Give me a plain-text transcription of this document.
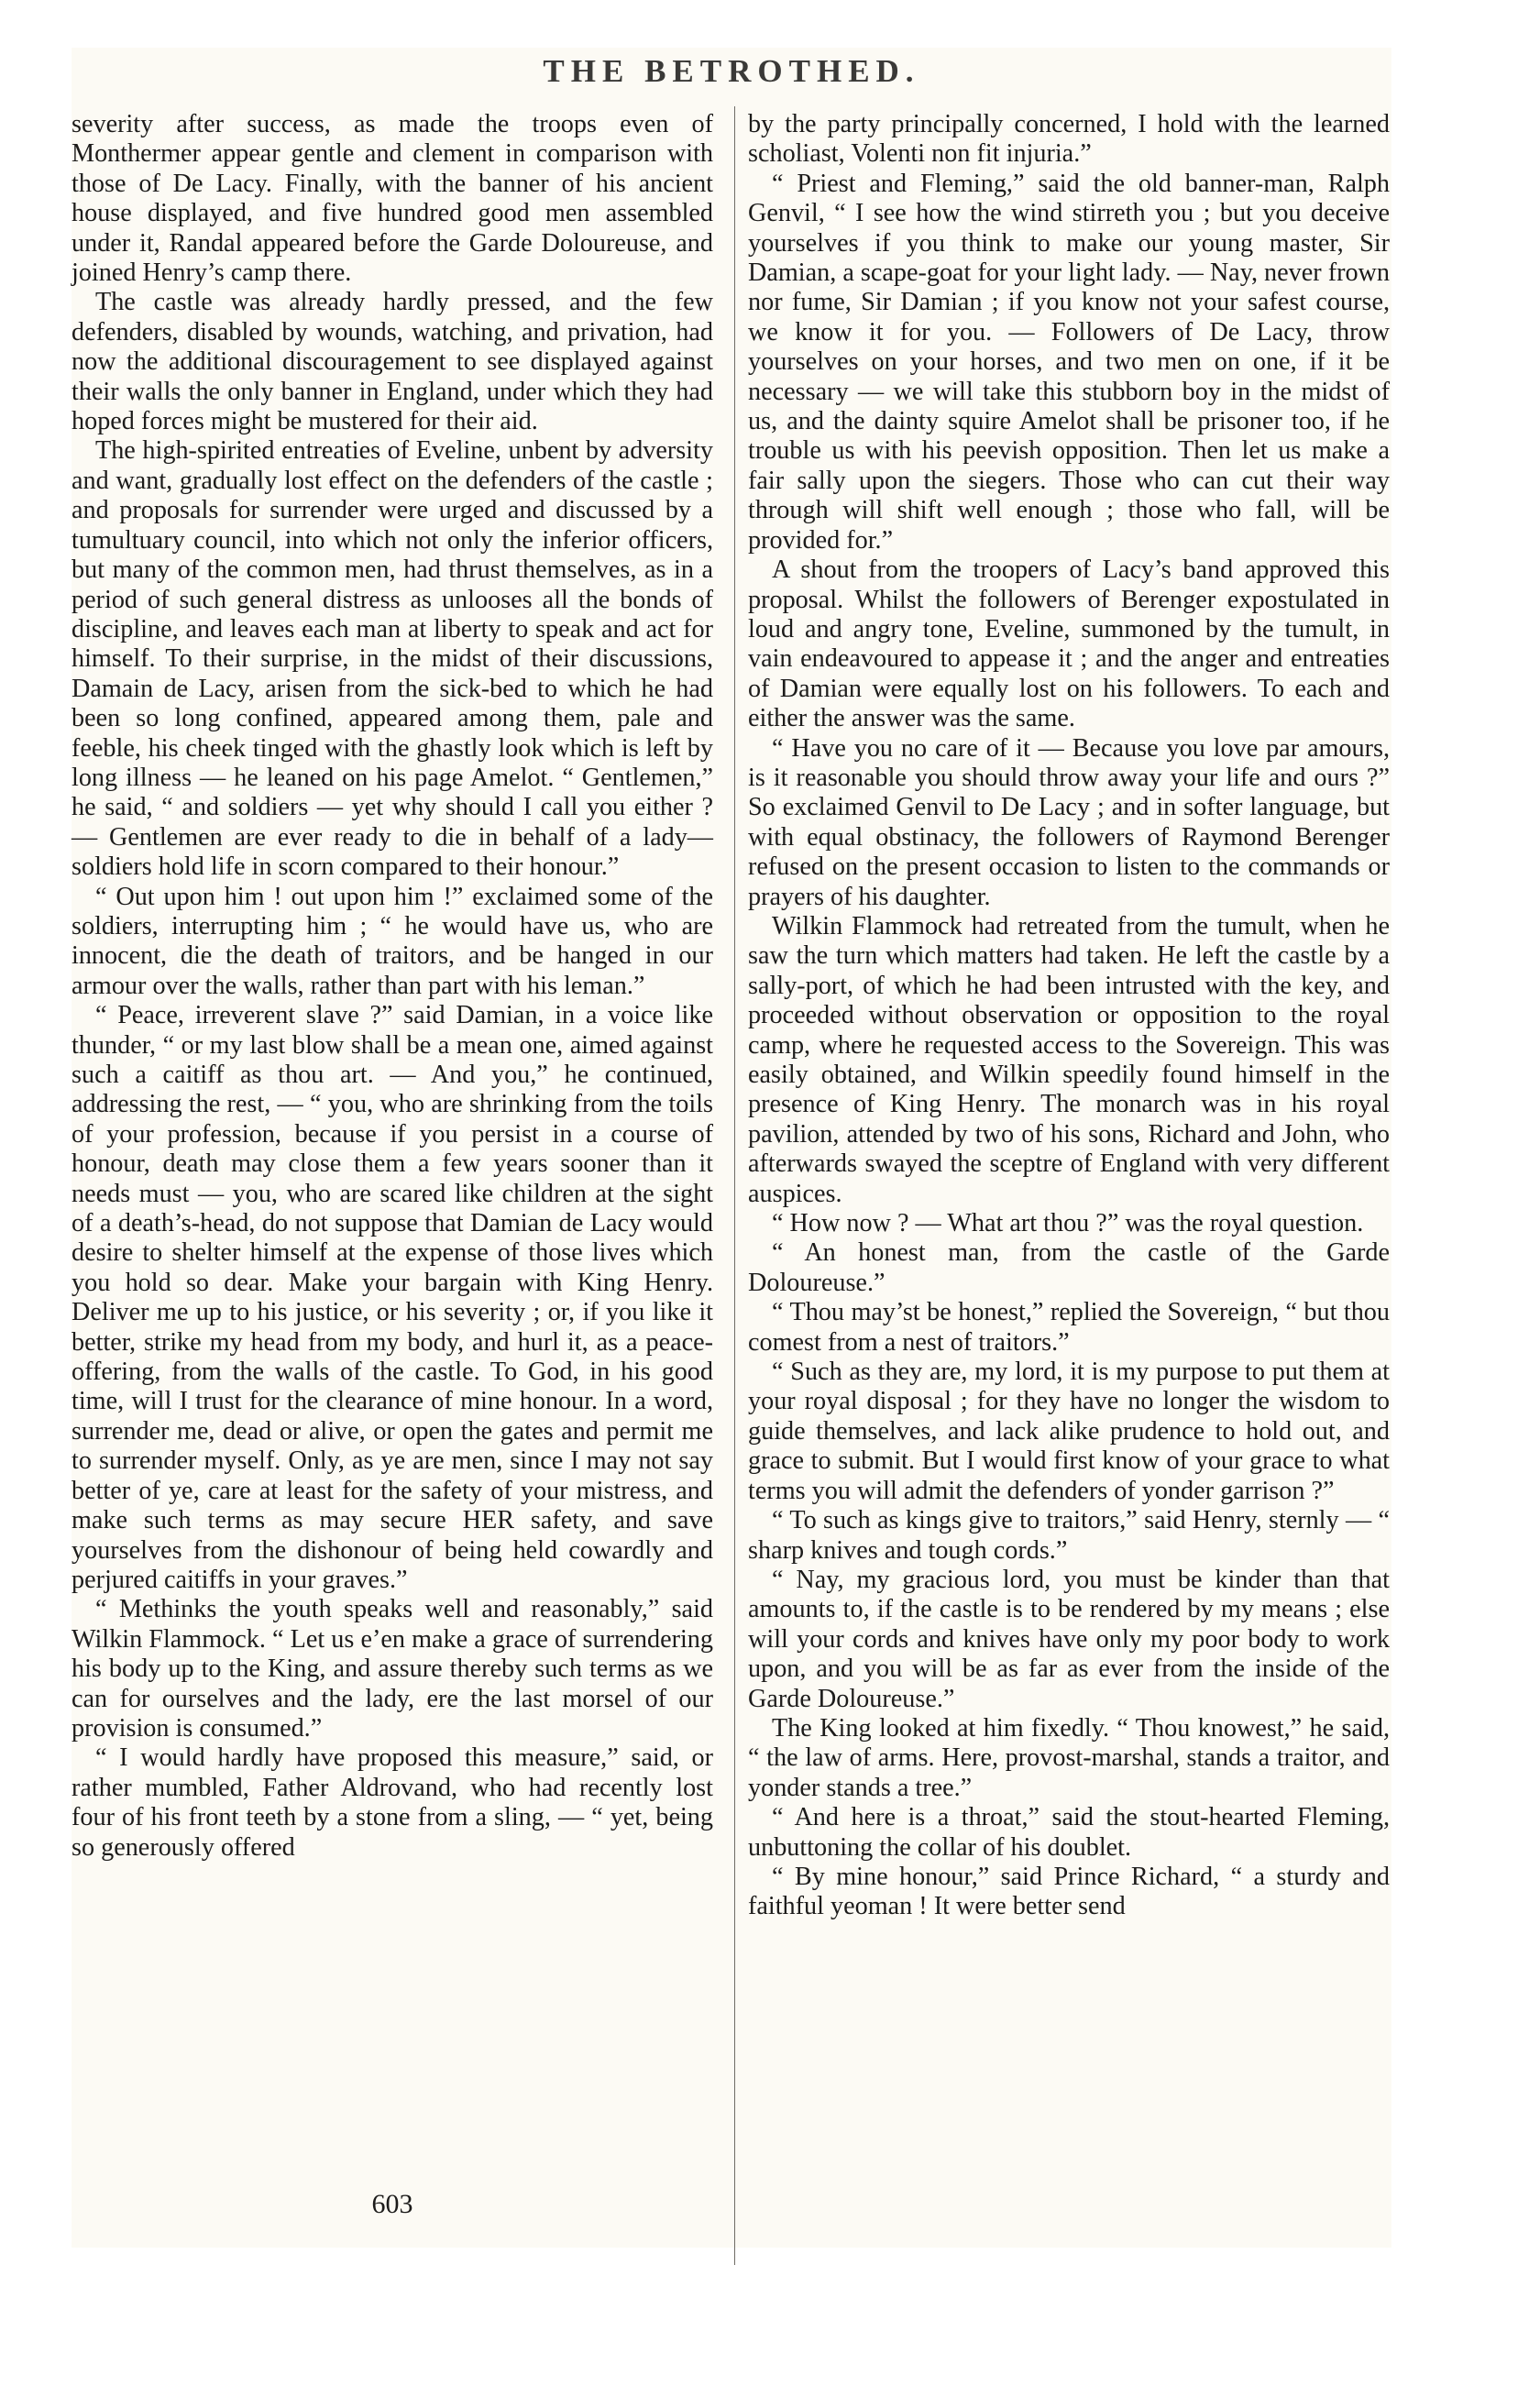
THE BETROTHED.

severity after success, as made the troops even of Monthermer appear gentle and clement in comparison with those of De Lacy. Finally, with the banner of his ancient house displayed, and five hundred good men assembled under it, Randal appeared before the Garde Doloureuse, and joined Henry’s camp there.

The castle was already hardly pressed, and the few defenders, disabled by wounds, watching, and privation, had now the additional discouragement to see displayed against their walls the only banner in England, under which they had hoped forces might be mustered for their aid.

The high-spirited entreaties of Eveline, unbent by adversity and want, gradually lost effect on the defenders of the castle ; and proposals for surrender were urged and discussed by a tumultuary council, into which not only the inferior officers, but many of the common men, had thrust themselves, as in a period of such general distress as unlooses all the bonds of discipline, and leaves each man at liberty to speak and act for himself. To their surprise, in the midst of their discussions, Damain de Lacy, arisen from the sick-bed to which he had been so long confined, appeared among them, pale and feeble, his cheek tinged with the ghastly look which is left by long illness — he leaned on his page Amelot. “ Gentlemen,” he said, “ and soldiers — yet why should I call you either ? — Gentlemen are ever ready to die in behalf of a lady—soldiers hold life in scorn compared to their honour.”

“ Out upon him ! out upon him !” exclaimed some of the soldiers, interrupting him ; “ he would have us, who are innocent, die the death of traitors, and be hanged in our armour over the walls, rather than part with his leman.”

“ Peace, irreverent slave ?” said Damian, in a voice like thunder, “ or my last blow shall be a mean one, aimed against such a caitiff as thou art. — And you,” he continued, addressing the rest, — “ you, who are shrinking from the toils of your profession, because if you persist in a course of honour, death may close them a few years sooner than it needs must — you, who are scared like children at the sight of a death’s-head, do not suppose that Damian de Lacy would desire to shelter himself at the expense of those lives which you hold so dear. Make your bargain with King Henry. Deliver me up to his justice, or his severity ; or, if you like it better, strike my head from my body, and hurl it, as a peace-offering, from the walls of the castle. To God, in his good time, will I trust for the clearance of mine honour. In a word, surrender me, dead or alive, or open the gates and permit me to surrender myself. Only, as ye are men, since I may not say better of ye, care at least for the safety of your mistress, and make such terms as may secure HER safety, and save yourselves from the dishonour of being held cowardly and perjured caitiffs in your graves.”

“ Methinks the youth speaks well and reasonably,” said Wilkin Flammock. “ Let us e’en make a grace of surrendering his body up to the King, and assure thereby such terms as we can for ourselves and the lady, ere the last morsel of our provision is consumed.”

“ I would hardly have proposed this measure,” said, or rather mumbled, Father Aldrovand, who had recently lost four of his front teeth by a stone from a sling, — “ yet, being so generously offered

603

by the party principally concerned, I hold with the learned scholiast, Volenti non fit injuria.”

“ Priest and Fleming,” said the old banner-man, Ralph Genvil, “ I see how the wind stirreth you ; but you deceive yourselves if you think to make our young master, Sir Damian, a scape-goat for your light lady. — Nay, never frown nor fume, Sir Damian ; if you know not your safest course, we know it for you. — Followers of De Lacy, throw yourselves on your horses, and two men on one, if it be necessary — we will take this stubborn boy in the midst of us, and the dainty squire Amelot shall be prisoner too, if he trouble us with his peevish opposition. Then let us make a fair sally upon the siegers. Those who can cut their way through will shift well enough ; those who fall, will be provided for.”

A shout from the troopers of Lacy’s band approved this proposal. Whilst the followers of Berenger expostulated in loud and angry tone, Eveline, summoned by the tumult, in vain endeavoured to appease it ; and the anger and entreaties of Damian were equally lost on his followers. To each and either the answer was the same.

“ Have you no care of it — Because you love par amours, is it reasonable you should throw away your life and ours ?” So exclaimed Genvil to De Lacy ; and in softer language, but with equal obstinacy, the followers of Raymond Berenger refused on the present occasion to listen to the commands or prayers of his daughter.

Wilkin Flammock had retreated from the tumult, when he saw the turn which matters had taken. He left the castle by a sally-port, of which he had been intrusted with the key, and proceeded without observation or opposition to the royal camp, where he requested access to the Sovereign. This was easily obtained, and Wilkin speedily found himself in the presence of King Henry. The monarch was in his royal pavilion, attended by two of his sons, Richard and John, who afterwards swayed the sceptre of England with very different auspices.

“ How now ? — What art thou ?” was the royal question.

“ An honest man, from the castle of the Garde Doloureuse.”

“ Thou may’st be honest,” replied the Sovereign, “ but thou comest from a nest of traitors.”

“ Such as they are, my lord, it is my purpose to put them at your royal disposal ; for they have no longer the wisdom to guide themselves, and lack alike prudence to hold out, and grace to submit. But I would first know of your grace to what terms you will admit the defenders of yonder garrison ?”

“ To such as kings give to traitors,” said Henry, sternly — “ sharp knives and tough cords.”

“ Nay, my gracious lord, you must be kinder than that amounts to, if the castle is to be rendered by my means ; else will your cords and knives have only my poor body to work upon, and you will be as far as ever from the inside of the Garde Doloureuse.”

The King looked at him fixedly. “ Thou knowest,” he said, “ the law of arms. Here, provost-marshal, stands a traitor, and yonder stands a tree.”

“ And here is a throat,” said the stout-hearted Fleming, unbuttoning the collar of his doublet.

“ By mine honour,” said Prince Richard, “ a sturdy and faithful yeoman ! It were better send
